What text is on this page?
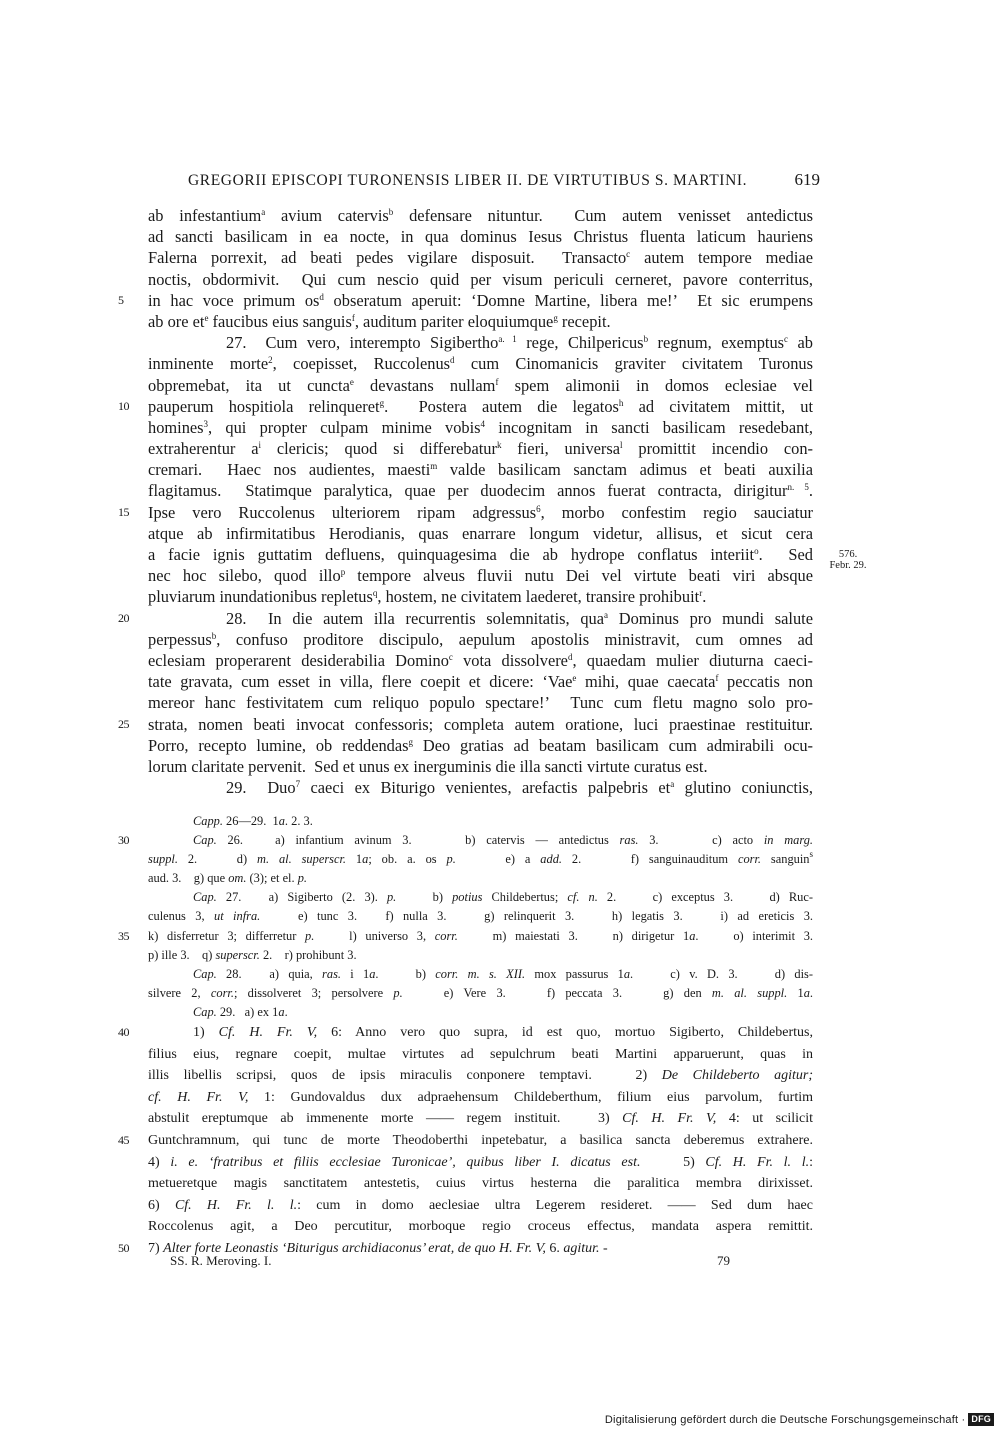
GREGORII EPISCOPI TURONENSIS LIBER II. DE VIRTUTIBUS S. MARTINI.	619
ab infestantium$^a$ avium catervis$^b$ defensare nituntur.  Cum autem venisset antedictus
ad sancti basilicam in ea nocte, in qua dominus Iesus Christus fluenta laticum hauriens
Falerna porrexit, ad beati pedes vigilare disposuit.  Transacto$^c$ autem tempore mediae
noctis, obdormivit.  Qui cum nescio quid per visum periculi cerneret, pavore conterritus,
5	in hac voce primum $os^d$ obseratum aperuit: ‘Domne Martine, libera me!’  Et sic erumpens
ab ore $et^e$ faucibus eius sanguis$^f$, auditum pariter eloquiumque$^g$ recepit.
27.  Cum vero, interempto Sigibertho$^{a. 1}$ rege, Chilpericus$^b$ regnum, exemptus$^c$ ab
inminente morte$^2$, coepisset, Ruccolenus$^d$ cum Cinomanicis graviter civitatem Turonus
obpremebat, ita ut cuncta$^e$ devastans nullam$^f$ spem alimonii in domos eclesiae vel
10	pauperum hospitiola relinqueret$^g$.  Postera autem die legatos$^h$ ad civitatem mittit, ut
homines$^3$, qui propter culpam minime vobis$^4$ incognitam in sancti basilicam resedebant,
extraherentur $a^i$ clericis; quod si differebatur$^k$ fieri, universa$^l$ promittit incendio con-
cremari.  Haec nos audientes, maesti$^m$ valde basilicam sanctam adimus et beati auxilia
flagitamus.  Statimque paralytica, quae per duodecim annos fuerat contracta, dirigitur$^{n. 5}$.
15	Ipse vero Ruccolenus ulteriorem ripam adgressus$^6$, morbo confestim regio sauciatur
atque ab infirmitatibus Herodianis, quas enarrare longum videtur, allisus, et sicut cera
a facie ignis guttatim defluens, quinquagesima die ab hydrope conflatus interiit$^o$.  Sed
nec hoc silebo, quod illo$^p$ tempore alveus fluvii nutu Dei vel virtute beati viri absque
pluviarum inundationibus repletus$^q$, hostem, ne civitatem laederet, transire prohibuit$^r$.
20	28.  In die autem illa recurrentis solemnitatis, qua$^a$ Dominus pro mundi salute
perpessus$^b$, confuso proditore discipulo, aepulum apostolis ministravit, cum omnes ad
eclesiam properarent desiderabilia Domino$^c$ vota dissolvere$^d$, quaedam mulier diuturna caeci-
tate gravata, cum esset in villa, flere coepit et dicere: ‘Vae$^e$ mihi, quae caecata$^f$ peccatis non
mereor hanc festivitatem cum reliquo populo spectare!’  Tunc cum fletu magno solo pro-
25	strata, nomen beati invocat confessoris; completa autem oratione, luci praestinae restituitur.
Porro, recepto lumine, ob reddendas$^g$ Deo gratias ad beatam basilicam cum admirabili ocu-
lorum claritate pervenit.  Sed et unus ex inerguminis die illa sancti virtute curatus est.
29.  Duo$^7$ caeci ex Biturigo venientes, arefactis palpebris $et^a$ glutino coniunctis,
576.
Febr. 29.
Capp. 26—29.  1a. 2. 3.
30	Cap. 26.   a) infantium avinum 3.     b) catervis — antedictus ras. 3.     c) acto in marg.
suppl. 2.    d) m. al. superscr. 1a; ob. a. os p.     e) a add. 2.     f) sanguinauditum corr. sanguin$^s$
aud. 3.    g) que om. (3); et el. p.
Cap. 27.   a) Sigiberto (2. 3). p.    b) potius Childebertus; cf. n. 2.    c) exceptus 3.    d) Ruc-
culenus 3, ut infra.    e) tunc 3.   f) nulla 3.    g) relinquerit 3.    h) legatis 3.    i) ad ereticis 3.
35	k) disferretur 3; differretur p.    l) universo 3, corr.    m) maiestati 3.    n) dirigetur 1a.    o) interimit 3.
p) ille 3.    q) superscr. 2.    r) prohibunt 3.
Cap. 28.   a) quia, ras. i 1a.    b) corr. m. s. XII. mox passurus 1a.    c) v. D. 3.    d) dis-
silvere 2, corr.; dissolveret 3; persolvere p.    e) Vere 3.    f) peccata 3.    g) den m. al. suppl. 1a.
Cap. 29.   a) ex 1a.
40	1) Cf. H. Fr. V, 6: Anno vero quo supra, id est quo, mortuo Sigiberto, Childebertus,
filius eius, regnare coepit, multae virtutes ad sepulchrum beati Martini apparuerunt, quas in
illis libellis scripsi, quos de ipsis miraculis conponere temptavi.   2) De Childeberto agitur;
cf. H. Fr. V, 1: Gundovaldus dux adpraehensum Childeberthum, filium eius parvolum, furtim
abstulit ereptumque ab immenente morte —— regem instituit.   3) Cf. H. Fr. V, 4: ut scilicit
45	Guntchramnum, qui tunc de morte Theodoberthi inpetebatur, a basilica sancta deberemus extrahere.
4) i. e. ‘fratribus et filiis ecclesiae Turonicae’, quibus liber I. dicatus est.    5) Cf. H. Fr. l. l.:
metueretque magis sanctitatem antestetis, cuius virtus hesterna die paralitica membra dirixisset.
6) Cf. H. Fr. l. l.: cum in domo aeclesiae ultra Legerem resideret. —— Sed dum haec
Roccolenus agit, a Deo percutitur, morboque regio croceus effectus, mandata aspera remittit.
50	7) Alter forte Leonastis ‘Biturigus archidiaconus’ erat, de quo H. Fr. V, 6. agitur. -
SS. R. Meroving. I.	79
Digitalisierung gefördert durch die Deutsche Forschungsgemeinschaft · DFG
